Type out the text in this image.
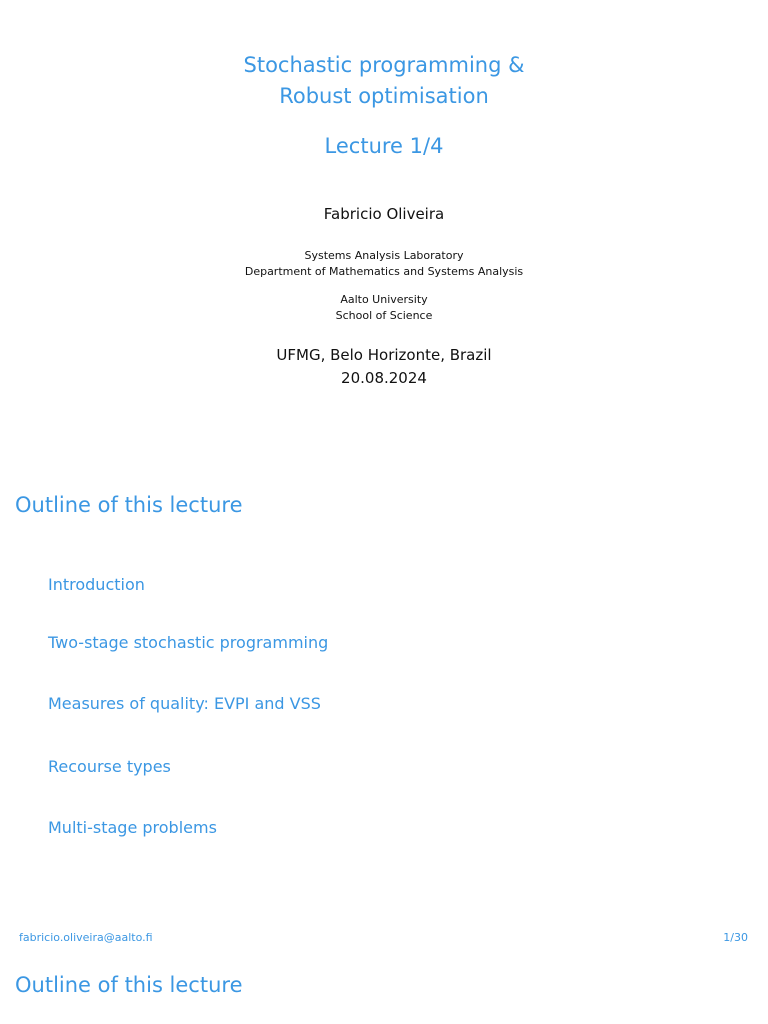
Stochastic programming &
Robust optimisation
Lecture 1/4
Fabricio Oliveira
Systems Analysis Laboratory
Department of Mathematics and Systems Analysis
Aalto University
School of Science
UFMG, Belo Horizonte, Brazil
20.08.2024
Outline of this lecture
Introduction
Two-stage stochastic programming
Measures of quality: EVPI and VSS
Recourse types
Multi-stage problems
fabricio.oliveira@aalto.fi	1/30
Outline of this lecture
